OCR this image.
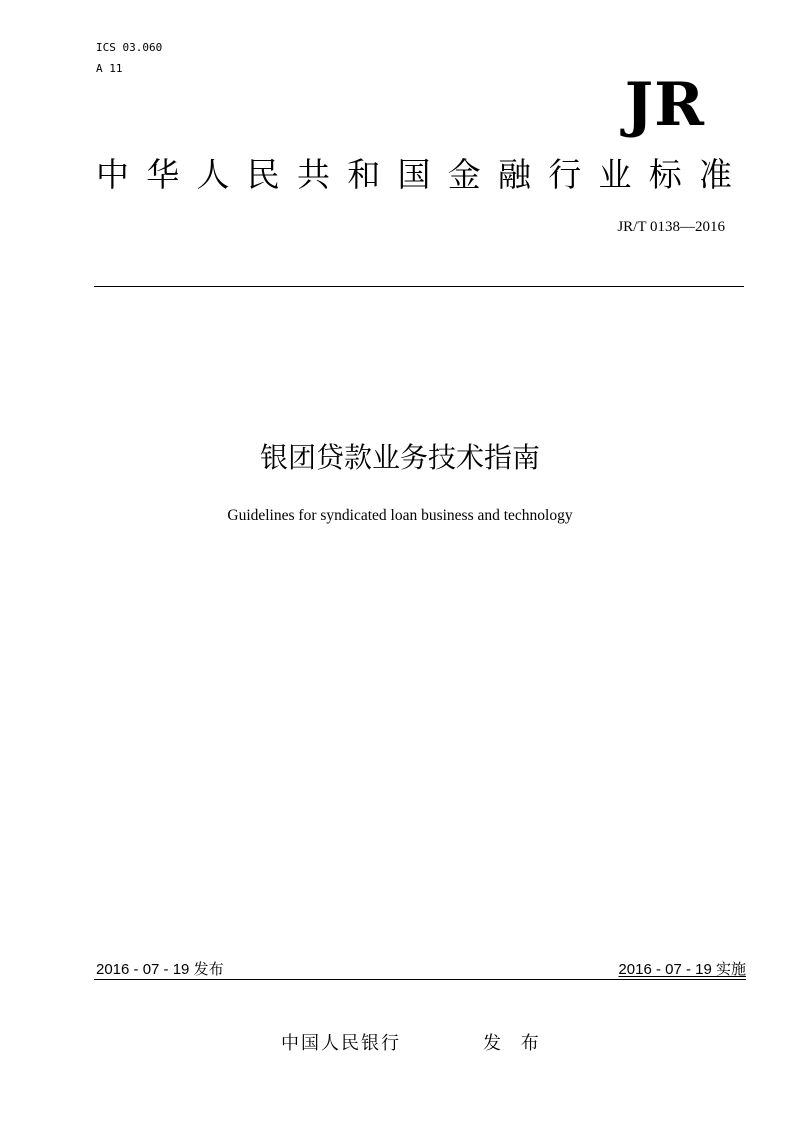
ICS 03.060
A 11
JR
中 华 人 民 共 和 国 金 融 行 业 标 准
JR/T 0138—2016
银团贷款业务技术指南
Guidelines for syndicated loan business and technology
2016 - 07 - 19 发布	2016 - 07 - 19 实施
中国人民银行	发 布
